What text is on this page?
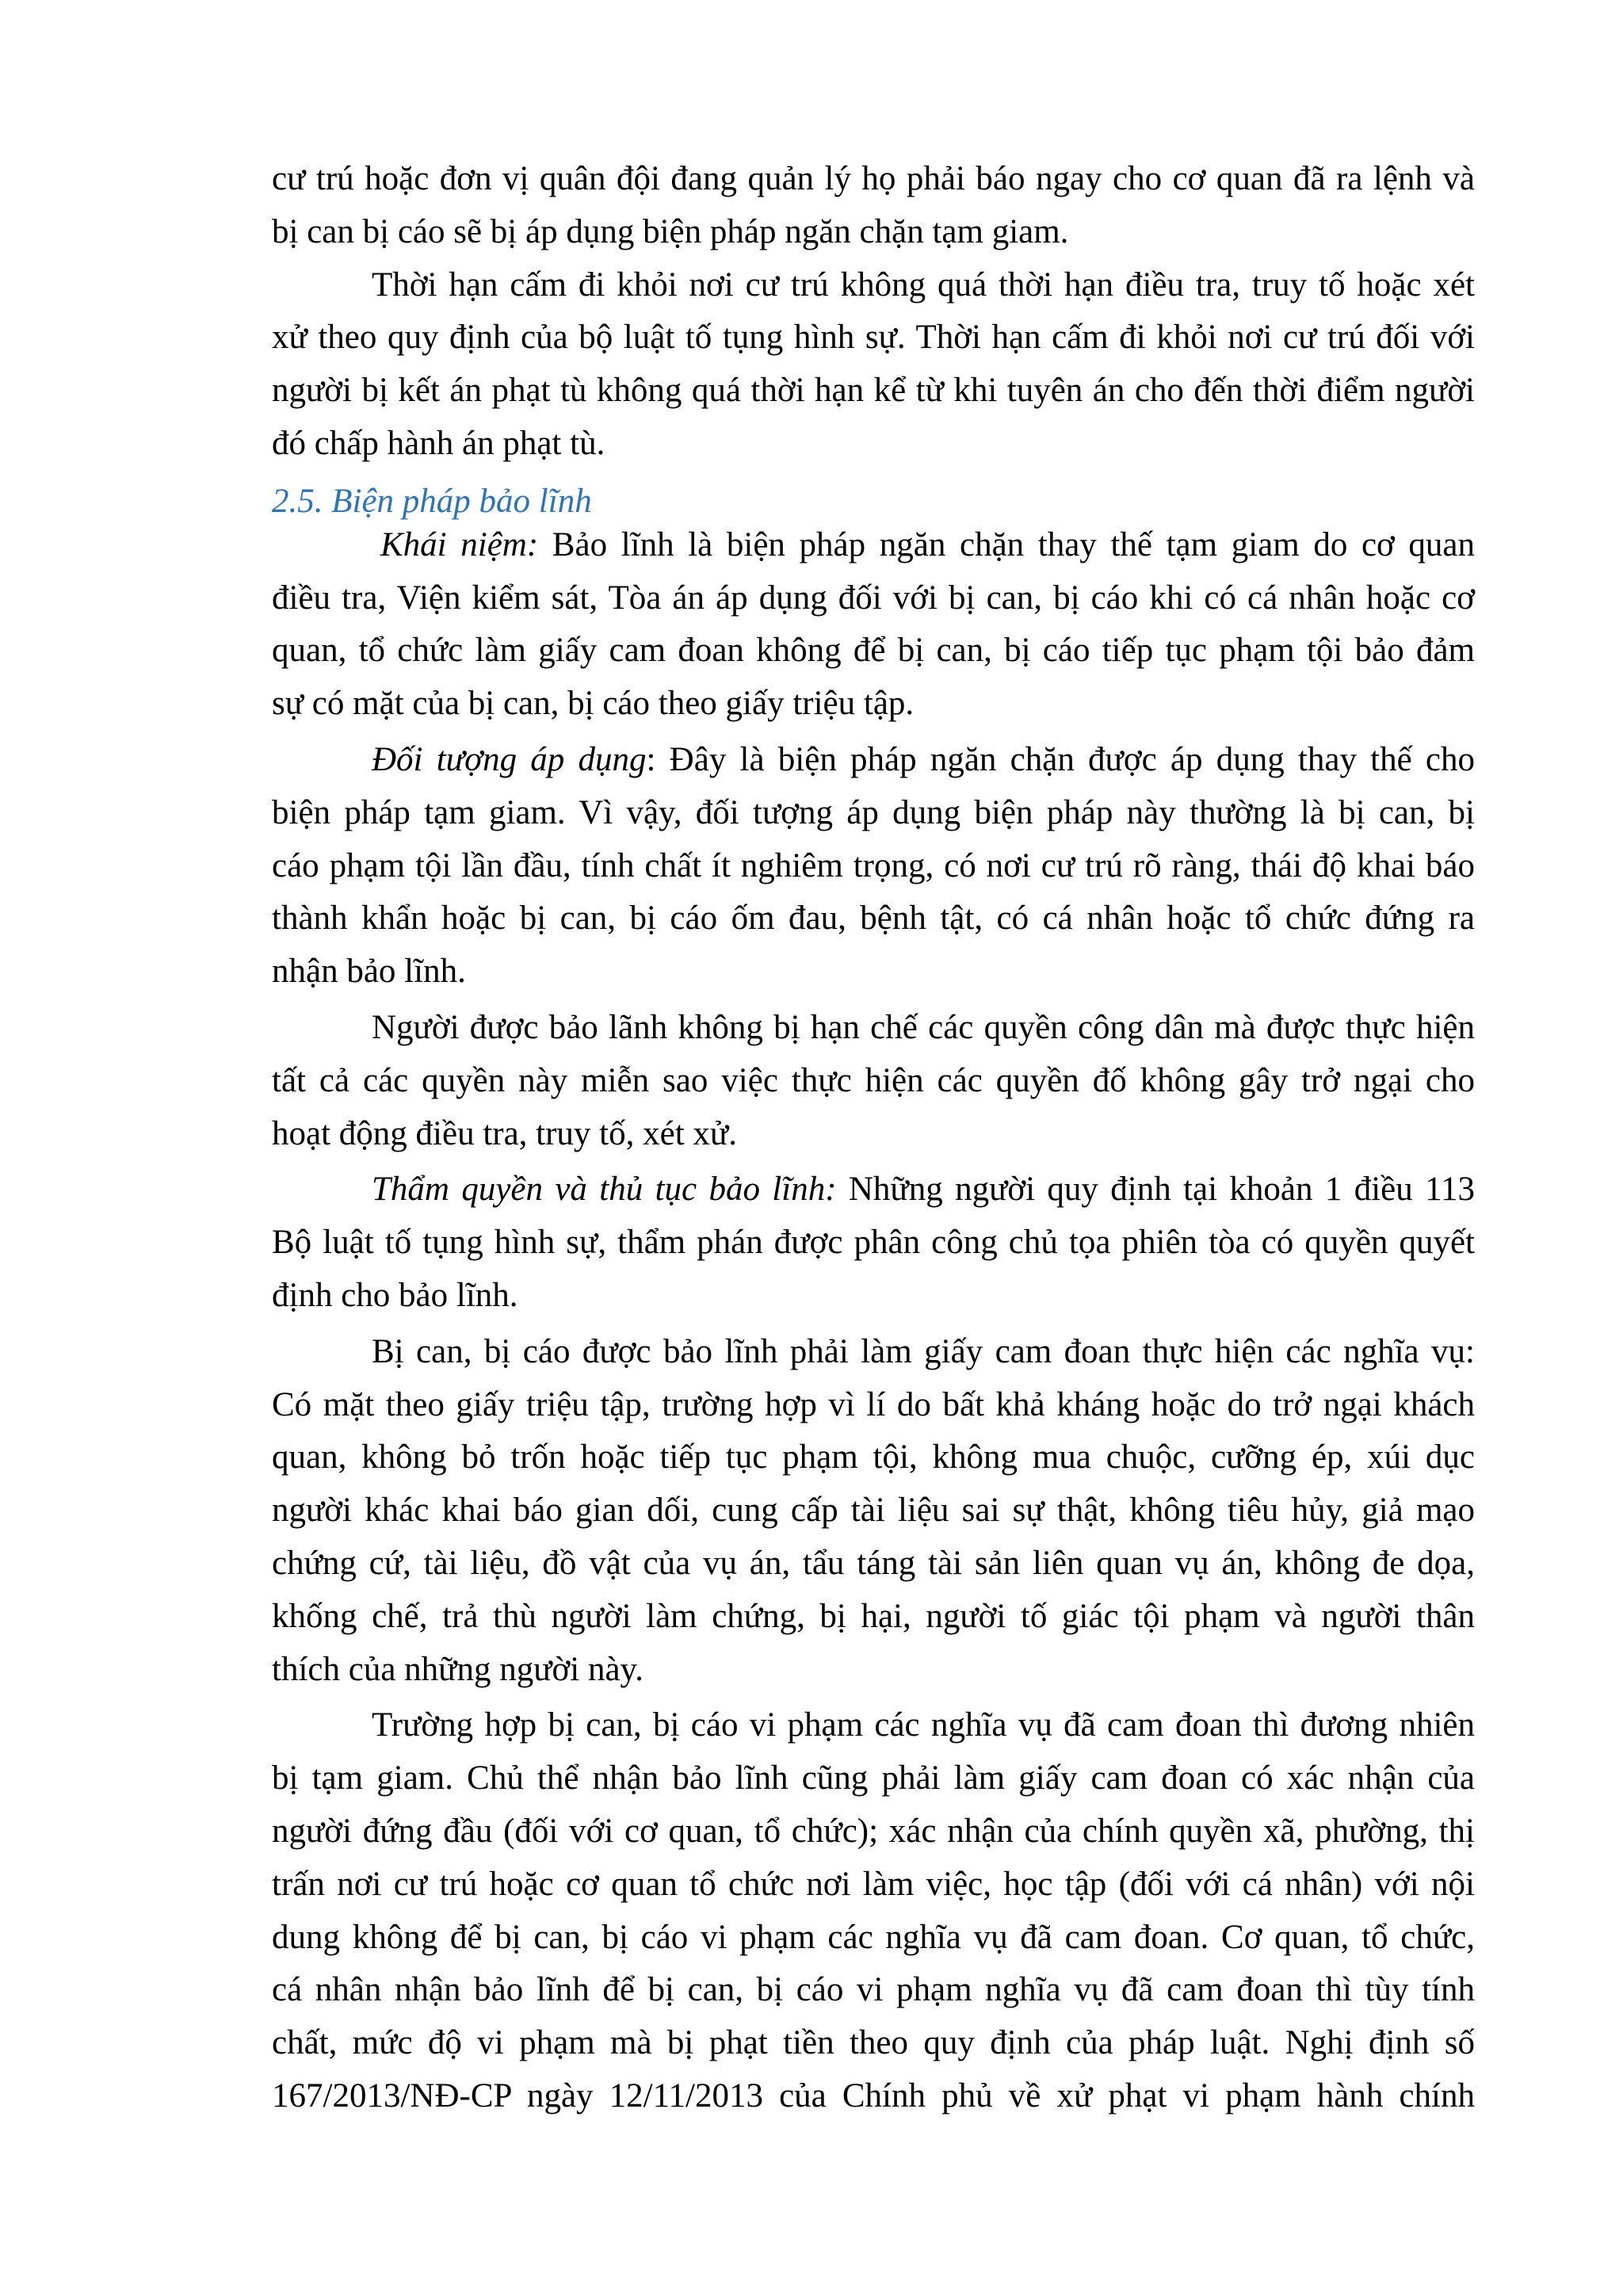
cư trú hoặc đơn vị quân đội đang quản lý họ phải báo ngay cho cơ quan đã ra lệnh và
bị can bị cáo sẽ bị áp dụng biện pháp ngăn chặn tạm giam.
Thời hạn cấm đi khỏi nơi cư trú không quá thời hạn điều tra, truy tố hoặc xét
xử theo quy định của bộ luật tố tụng hình sự. Thời hạn cấm đi khỏi nơi cư trú đối với
người bị kết án phạt tù không quá thời hạn kể từ khi tuyên án cho đến thời điểm người
đó chấp hành án phạt tù.
2.5. Biện pháp bảo lĩnh
Khái niệm: Bảo lĩnh là biện pháp ngăn chặn thay thế tạm giam do cơ quan
điều tra, Viện kiểm sát, Tòa án áp dụng đối với bị can, bị cáo khi có cá nhân hoặc cơ
quan, tổ chức làm giấy cam đoan không để bị can, bị cáo tiếp tục phạm tội bảo đảm
sự có mặt của bị can, bị cáo theo giấy triệu tập.
Đối tượng áp dụng: Đây là biện pháp ngăn chặn được áp dụng thay thế cho
biện pháp tạm giam. Vì vậy, đối tượng áp dụng biện pháp này thường là bị can, bị
cáo phạm tội lần đầu, tính chất ít nghiêm trọng, có nơi cư trú rõ ràng, thái độ khai báo
thành khẩn hoặc bị can, bị cáo ốm đau, bệnh tật, có cá nhân hoặc tổ chức đứng ra
nhận bảo lĩnh.
Người được bảo lãnh không bị hạn chế các quyền công dân mà được thực hiện
tất cả các quyền này miễn sao việc thực hiện các quyền đố không gây trở ngại cho
hoạt động điều tra, truy tố, xét xử.
Thẩm quyền và thủ tục bảo lĩnh: Những người quy định tại khoản 1 điều 113
Bộ luật tố tụng hình sự, thẩm phán được phân công chủ tọa phiên tòa có quyền quyết
định cho bảo lĩnh.
Bị can, bị cáo được bảo lĩnh phải làm giấy cam đoan thực hiện các nghĩa vụ:
Có mặt theo giấy triệu tập, trường hợp vì lí do bất khả kháng hoặc do trở ngại khách
quan, không bỏ trốn hoặc tiếp tục phạm tội, không mua chuộc, cưỡng ép, xúi dục
người khác khai báo gian dối, cung cấp tài liệu sai sự thật, không tiêu hủy, giả mạo
chứng cứ, tài liệu, đồ vật của vụ án, tẩu táng tài sản liên quan vụ án, không đe dọa,
khống chế, trả thù người làm chứng, bị hại, người tố giác tội phạm và người thân
thích của những người này.
Trường hợp bị can, bị cáo vi phạm các nghĩa vụ đã cam đoan thì đương nhiên
bị tạm giam. Chủ thể nhận bảo lĩnh cũng phải làm giấy cam đoan có xác nhận của
người đứng đầu (đối với cơ quan, tổ chức); xác nhận của chính quyền xã, phường, thị
trấn nơi cư trú hoặc cơ quan tổ chức nơi làm việc, học tập (đối với cá nhân) với nội
dung không để bị can, bị cáo vi phạm các nghĩa vụ đã cam đoan. Cơ quan, tổ chức,
cá nhân nhận bảo lĩnh để bị can, bị cáo vi phạm nghĩa vụ đã cam đoan thì tùy tính
chất, mức độ vi phạm mà bị phạt tiền theo quy định của pháp luật. Nghị định số
167/2013/NĐ-CP ngày 12/11/2013 của Chính phủ về xử phạt vi phạm hành chính
